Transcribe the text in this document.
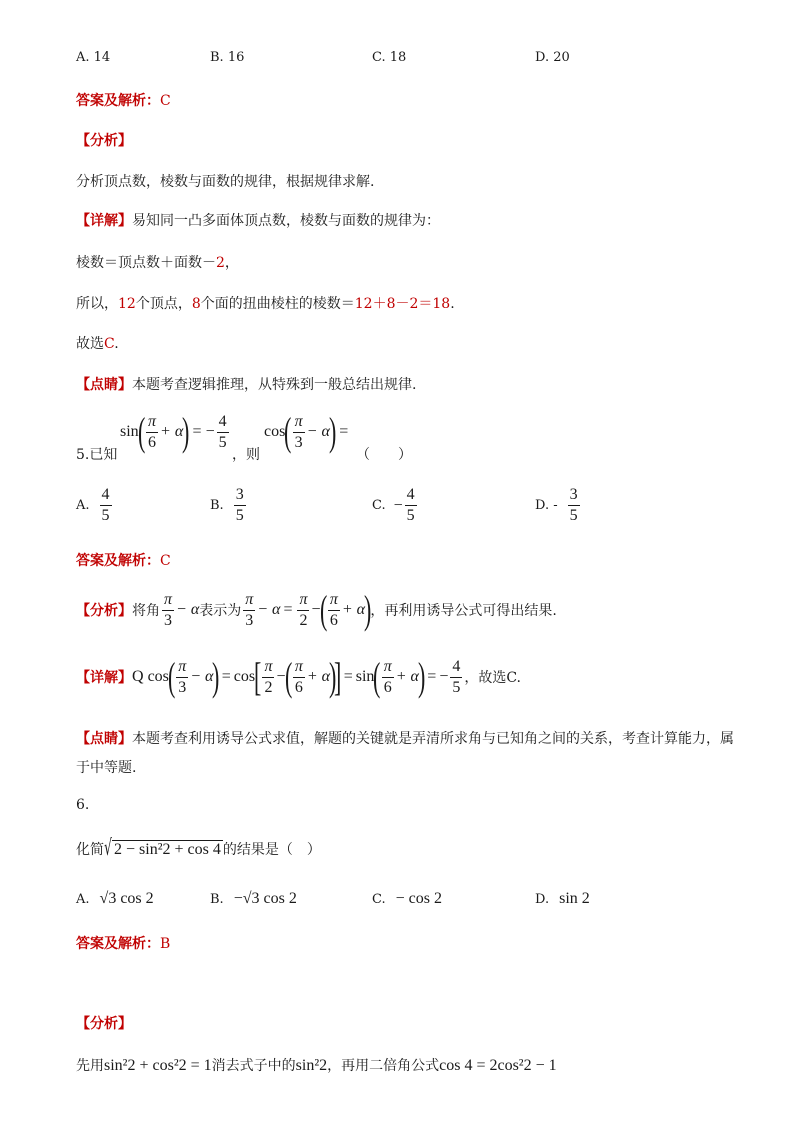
A. 14	B. 16	C. 18	D. 20
答案及解析：C
【分析】
分析顶点数，棱数与面数的规律，根据规律求解.
【详解】易知同一凸多面体顶点数，棱数与面数的规律为：
棱数＝顶点数＋面数－2，
所以，12个顶点，8个面的扭曲棱柱的棱数＝12＋8－2＝18.
故选C.
【点睛】本题考查逻辑推理，从特殊到一般总结出规律.
5.已知
sin
( $\frac{\pi}{6} + \alpha$
) = − $\frac{4}{5}$
，则
cos
( $\frac{\pi}{3} - \alpha$
) =
（　　）
A. $\frac{4}{5}$	B. $\frac{3}{5}$	C. − $\frac{4}{5}$	D. - $\frac{3}{5}$
答案及解析：C
【分析】 将角 $\frac{\pi}{3} - \alpha$ 表示为 $\frac{\pi}{3} - \alpha = \frac{\pi}{2}$ −
( $\frac{\pi}{6} + \alpha$
)
，再利用诱导公式可得出结果.
【详解】 Q
cos
( $\frac{\pi}{3} - \alpha$
) = cos
[ $\frac{\pi}{2}$ −
( $\frac{\pi}{6} + \alpha$
)
] = sin
( $\frac{\pi}{6} + \alpha$
) = − $\frac{4}{5}$ ，故选C.
【点睛】本题考查利用诱导公式求值，解题的关键就是弄清所求角与已知角之间的关系，考查计算能力，属
于中等题.
6.
化简 √ 2 − sin²2 + cos 4 的结果是（　）
A. √3 cos 2	B. −√3 cos 2	C. − cos 2	D. sin 2
答案及解析：B
【分析】
先用sin²2 + cos²2 = 1消去式子中的sin²2，再用二倍角公式cos 4 = 2cos²2 − 1
